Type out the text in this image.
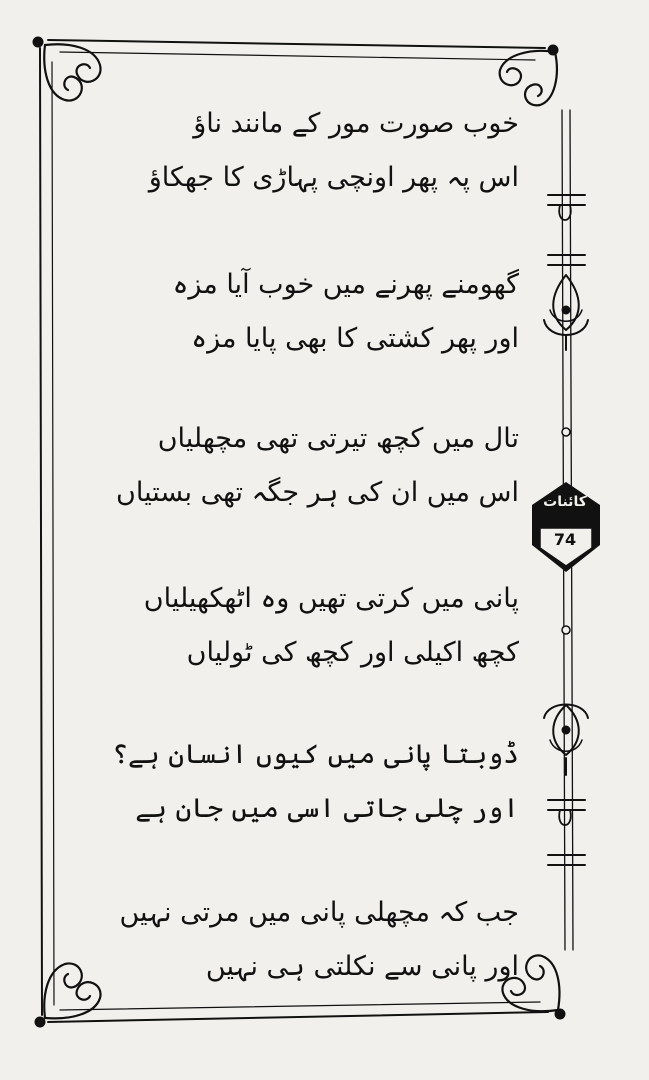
کائنات
74
خوب صورت مور کے مانند ناؤ
اس پہ پھر اونچی پہاڑی کا جھکاؤ
گھومنے پھرنے میں خوب آیا مزہ
اور پھر کشتی کا بھی پایا مزہ
تال میں کچھ تیرتی تھی مچھلیاں
اس میں ان کی ہر جگہ تھی بستیاں
پانی میں کرتی تھیں وہ اٹھکھیلیاں
کچھ اکیلی اور کچھ کی ٹولیاں
ڈوبتا پانی میں کیوں انسان ہے؟
اور چلی جاتی اسی میں جان ہے
جب کہ مچھلی پانی میں مرتی نہیں
اور پانی سے نکلتی ہی نہیں
